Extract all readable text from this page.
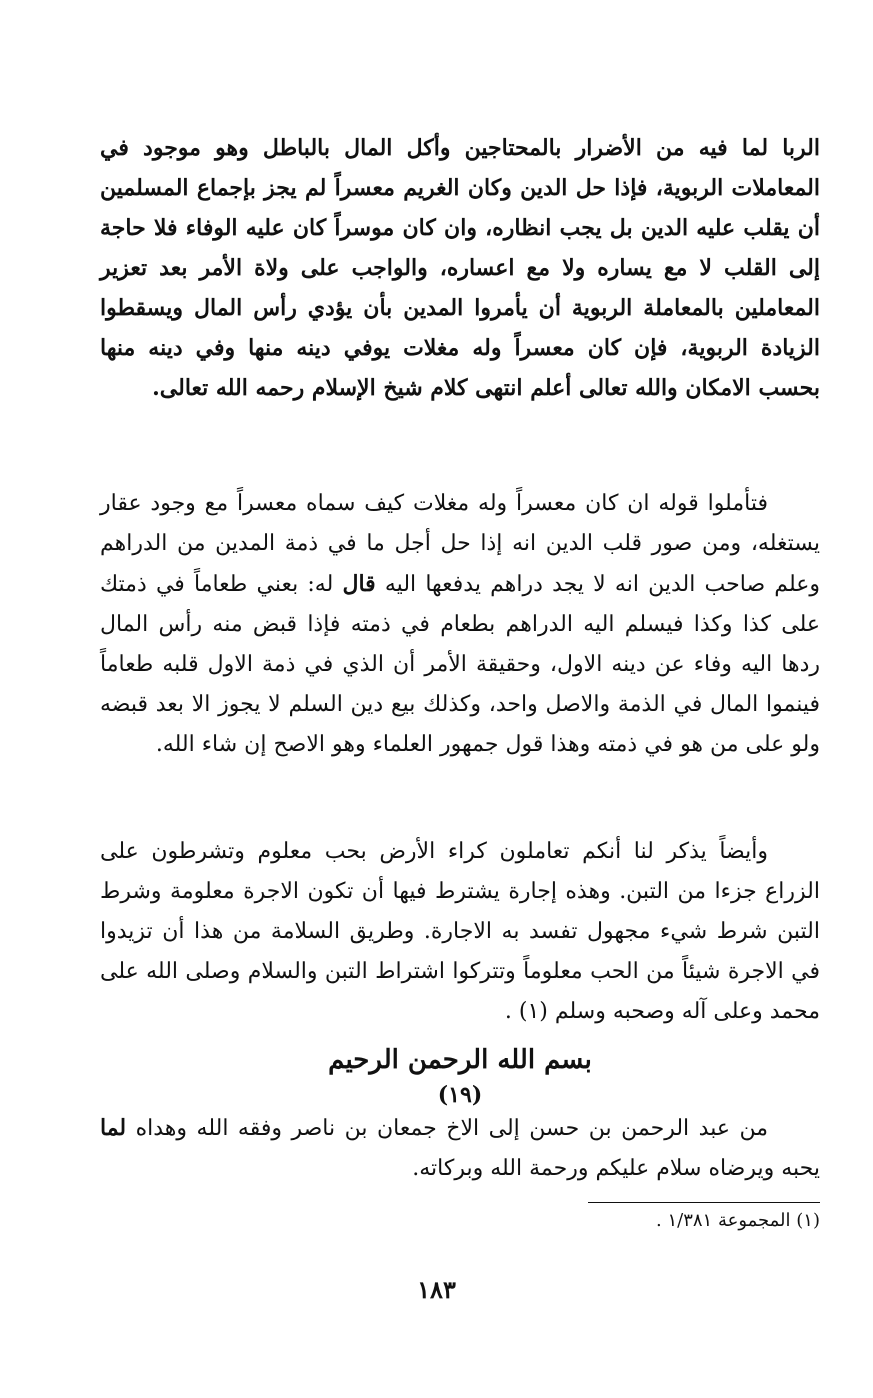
الربا لما فيه من الأضرار بالمحتاجين وأكل المال بالباطل وهو موجود في المعاملات الربوية، فإذا حل الدين وكان الغريم معسراً لم يجز بإجماع المسلمين أن يقلب عليه الدين بل يجب انظاره، وان كان موسراً كان عليه الوفاء فلا حاجة إلى القلب لا مع يساره ولا مع اعساره، والواجب على ولاة الأمر بعد تعزير المعاملين بالمعاملة الربوية أن يأمروا المدين بأن يؤدي رأس المال ويسقطوا الزيادة الربوية، فإن كان معسراً وله مغلات يوفي دينه منها وفي دينه منها بحسب الامكان والله تعالى أعلم انتهى كلام شيخ الإسلام رحمه الله تعالى.

فتأملوا قوله ان كان معسراً وله مغلات كيف سماه معسراً مع وجود عقار يستغله، ومن صور قلب الدين انه إذا حل أجل ما في ذمة المدين من الدراهم وعلم صاحب الدين انه لا يجد دراهم يدفعها اليه قال له: بعني طعاماً في ذمتك على كذا وكذا فيسلم اليه الدراهم بطعام في ذمته فإذا قبض منه رأس المال ردها اليه وفاء عن دينه الاول، وحقيقة الأمر أن الذي في ذمة الاول قلبه طعاماً فينموا المال في الذمة والاصل واحد، وكذلك بيع دين السلم لا يجوز الا بعد قبضه ولو على من هو في ذمته وهذا قول جمهور العلماء وهو الاصح إن شاء الله.

وأيضاً يذكر لنا أنكم تعاملون كراء الأرض بحب معلوم وتشرطون على الزراع جزءا من التبن. وهذه إجارة يشترط فيها أن تكون الاجرة معلومة وشرط التبن شرط شيء مجهول تفسد به الاجارة. وطريق السلامة من هذا أن تزيدوا في الاجرة شيئاً من الحب معلوماً وتتركوا اشتراط التبن والسلام وصلى الله على محمد وعلى آله وصحبه وسلم (١) .

بسم الله الرحمن الرحيم
(١٩)

من عبد الرحمن بن حسن إلى الاخ جمعان بن ناصر وفقه الله وهداه لما يحبه ويرضاه سلام عليكم ورحمة الله وبركاته.

(١) المجموعة ١/٣٨١ .
١٨٣
